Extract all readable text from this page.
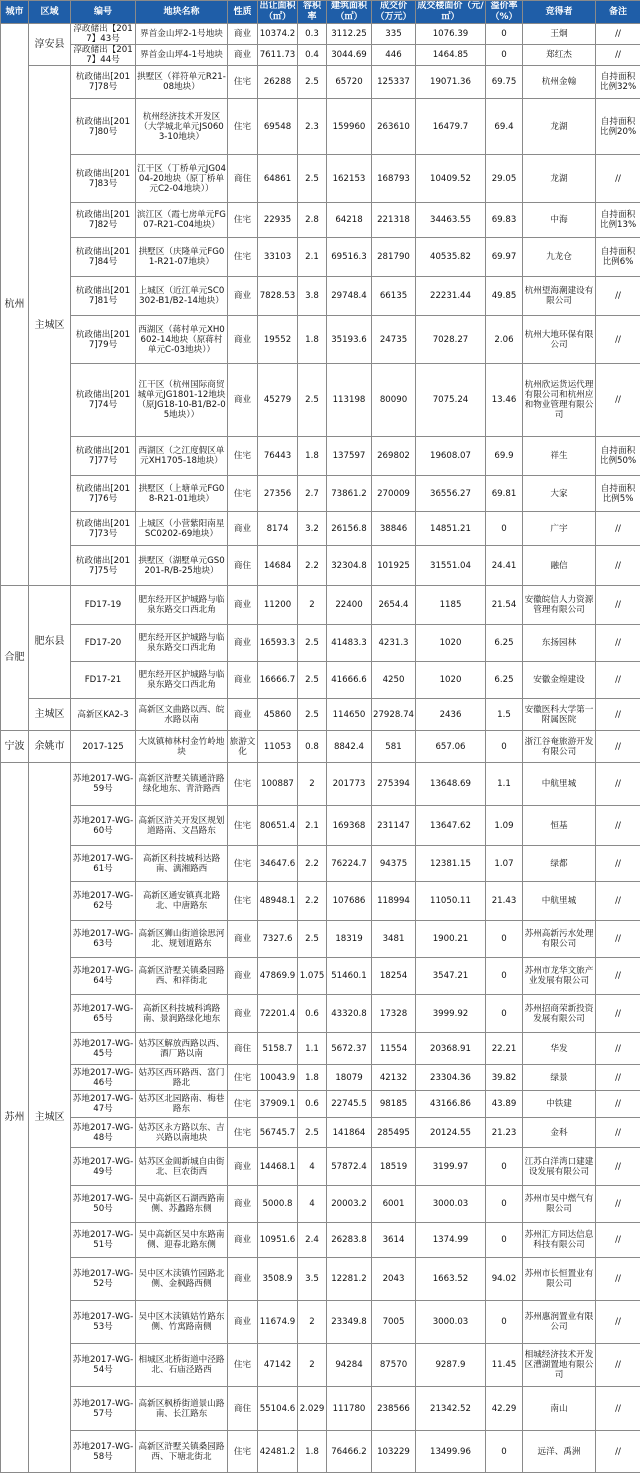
城市	区域	编号	地块名称	性质	出让面积（㎡）	容积率	建筑面积（㎡）	成交价（万元）	成交楼面价（元/㎡）	溢价率（%）	竞得者	备注
杭州	淳安县	淳政储出【2017】43号	界首金山坪2-1号地块	商业	10374.2	0.3	3112.25	335	1076.39	0	王炯	//
		淳政储出【2017】44号	界首金山坪4-1号地块	商业	7611.73	0.4	3044.69	446	1464.85	0	郑红杰	//
	主城区	杭政储出[2017]78号	拱墅区（祥符单元R21-08地块）	住宅	26288	2.5	65720	125337	19071.36	69.75	杭州金翰	自持面积比例32%
		杭政储出[2017]80号	杭州经济技术开发区（大学城北单元JS0603-10地块）	住宅	69548	2.3	159960	263610	16479.7	69.4	龙湖	自持面积比例20%
		杭政储出[2017]83号	江干区（丁桥单元JG0404-20地块（原丁桥单元C2-04地块））	商住	64861	2.5	162153	168793	10409.52	29.05	龙湖	//
		杭政储出[2017]82号	滨江区（霞七房单元FG07-R21-C04地块）	住宅	22935	2.8	64218	221318	34463.55	69.83	中海	自持面积比例13%
		杭政储出[2017]84号	拱墅区（庆隆单元FG01-R21-07地块）	住宅	33103	2.1	69516.3	281790	40535.82	69.97	九龙仓	自持面积比例6%
		杭政储出[2017]81号	上城区（近江单元SC0302-B1/B2-14地块）	商业	7828.53	3.8	29748.4	66135	22231.44	49.85	杭州望海潮建设有限公司	//
		杭政储出[2017]79号	西湖区（蒋村单元XH0602-14地块（原蒋村单元C-03地块））	商业	19552	1.8	35193.6	24735	7028.27	2.06	杭州大地环保有限公司	//
		杭政储出[2017]74号	江干区（杭州国际商贸城单元JG1801-12地块（原JG18-10-B1/B2-05地块））	商业	45279	2.5	113198	80090	7075.24	13.46	杭州欣运货运代理有限公司和杭州应和物业管理有限公司	//
		杭政储出[2017]77号	西湖区（之江度假区单元XH1705-18地块）	住宅	76443	1.8	137597	269802	19608.07	69.9	祥生	自持面积比例50%
		杭政储出[2017]76号	拱墅区（上塘单元FG08-R21-01地块）	住宅	27356	2.7	73861.2	270009	36556.27	69.81	大家	自持面积比例5%
		杭政储出[2017]73号	上城区（小营紫阳南星SC0202-69地块）	商业	8174	3.2	26156.8	38846	14851.21	0	广宇	//
		杭政储出[2017]75号	拱墅区（湖墅单元GS0201-R/B-25地块）	商住	14684	2.2	32304.8	101925	31551.04	24.41	融信	//
合肥	肥东县	FD17-19	肥东经开区护城路与临泉东路交口西北角	商业	11200	2	22400	2654.4	1185	21.54	安徽皖信人力资源管理有限公司	//
		FD17-20	肥东经开区护城路与临泉东路交口西北角	商业	16593.3	2.5	41483.3	4231.3	1020	6.25	东扬园林	//
		FD17-21	肥东经开区护城路与临泉东路交口西北角	商业	16666.7	2.5	41666.6	4250	1020	6.25	安徽金煌建设	//
	主城区	高新区KA2-3	高新区文曲路以西、皖水路以南	商业	45860	2.5	114650	27928.74	2436	1.5	安徽医科大学第一附属医院	//
宁波	余姚市	2017-125	大岚镇柿林村金竹岭地块	旅游文化	11053	0.8	8842.4	581	657.06	0	浙江谷奄旅游开发有限公司	//
苏州	主城区	苏地2017-WG-59号	高新区浒墅关镇通浒路绿化地东、青浒路西	住宅	100887	2	201773	275394	13648.69	1.1	中航里城	//
		苏地2017-WG-60号	高新区浒关开发区规划道路南、文昌路东	住宅	80651.4	2.1	169368	231147	13647.62	1.09	恒基	//
		苏地2017-WG-61号	高新区科技城科达路南、漓湘路西	住宅	34647.6	2.2	76224.7	94375	12381.15	1.07	绿都	//
		苏地2017-WG-62号	高新区通安镇真北路北、中唐路东	住宅	48948.1	2.2	107686	118994	11050.11	21.43	中航里城	//
		苏地2017-WG-63号	高新区狮山街道徐思河北、规划道路东	商业	7327.6	2.5	18319	3481	1900.21	0	苏州高新污水处理有限公司	//
		苏地2017-WG-64号	高新区浒墅关镇桑园路西、和祥街北	商业	47869.9	1.075	51460.1	18254	3547.21	0	苏州市龙华文旅产业发展有限公司	//
		苏地2017-WG-65号	高新区科技城科鸿路南、景润路绿化地东	商业	72201.4	0.6	43320.8	17328	3999.92	0	苏州招商荣新投资发展有限公司	//
		苏地2017-WG-45号	姑苏区解放西路以西、酒厂路以南	商住	5158.7	1.1	5672.37	11554	20368.91	22.21	华发	//
		苏地2017-WG-46号	姑苏区西环路西、富门路北	住宅	10043.9	1.8	18079	42132	23304.36	39.82	绿景	//
		苏地2017-WG-47号	姑苏区北园路南、梅巷路东	住宅	37909.1	0.6	22745.5	98185	43166.86	43.89	中铁建	//
		苏地2017-WG-48号	姑苏区永方路以东、吉兴路以南地块	住宅	56745.7	2.5	141864	285495	20124.55	21.23	金科	//
		苏地2017-WG-49号	姑苏区金阊新城自由街北、巨农街西	商业	14468.1	4	57872.4	18519	3199.97	0	江苏白洋湾口建建设发展有限公司	//
		苏地2017-WG-50号	吴中高新区石湖西路南侧、苏蠡路东侧	商业	5000.8	4	20003.2	6001	3000.03	0	苏州市吴中燃气有限公司	//
		苏地2017-WG-51号	吴中高新区吴中东路南侧、迎春北路东侧	商业	10951.6	2.4	26283.8	3614	1374.99	0	苏州汇方同达信息科技有限公司	//
		苏地2017-WG-52号	吴中区木渎镇竹园路北侧、金枫路西侧	商业	3508.9	3.5	12281.2	2043	1663.52	94.02	苏州市长恒置业有限公司	//
		苏地2017-WG-53号	吴中区木渎镇姑竹路东侧、竹寓路南侧	商业	11674.9	2	23349.8	7005	3000.03	0	苏州惠润置业有限公司	//
		苏地2017-WG-54号	相城区北桥街道中泾路北、石庙泾路西	住宅	47142	2	94284	87570	9287.9	11.45	相城经济技术开发区漕湖置地有限公司	//
		苏地2017-WG-57号	高新区枫桥街道景山路南、长江路东	商住	55104.6	2.029	111780	238566	21342.52	42.29	南山	//
		苏地2017-WG-58号	高新区浒墅关镇桑园路西、下塘北街北	住宅	42481.2	1.8	76466.2	103229	13499.96	0	远洋、禹洲	//
